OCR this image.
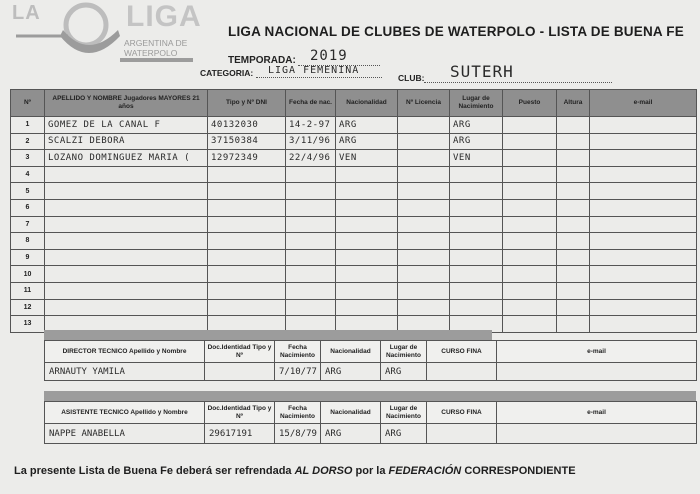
LA	LIGA
ARGENTINA DE
WATERPOLO
LIGA NACIONAL DE CLUBES DE WATERPOLO - LISTA DE BUENA FE
TEMPORADA: 2019
CATEGORIA: LIGA FEMENINA
CLUB: SUTERH
Nº	APELLIDO Y NOMBRE Jugadores MAYORES 21 años	Tipo y Nº DNI	Fecha de nac.	Nacionalidad	Nº Licencia	Lugar de Nacimiento	Puesto	Altura	e-mail
1	GOMEZ DE LA CANAL F	40132030	14-2-97	ARG		ARG			
2	SCALZI DEBORA	37150384	3/11/96	ARG		ARG			
3	LOZANO DOMINGUEZ MARIA (	12972349	22/4/96	VEN		VEN			
4									
5									
6									
7									
8									
9									
10									
11									
12									
13									
DIRECTOR TECNICO Apellido y Nombre	Doc.Identidad Tipo y Nº	Fecha Nacimiento	Nacionalidad	Lugar de Nacimiento	CURSO FINA	e-mail
ARNAUTY YAMILA		7/10/77	ARG	ARG		
ASISTENTE TECNICO Apellido y Nombre	Doc.Identidad Tipo y Nº	Fecha Nacimiento	Nacionalidad	Lugar de Nacimiento	CURSO FINA	e-mail
NAPPE ANABELLA	29617191	15/8/79	ARG	ARG		
La presente Lista de Buena Fe deberá ser refrendada AL DORSO por la FEDERACIÓN CORRESPONDIENTE
